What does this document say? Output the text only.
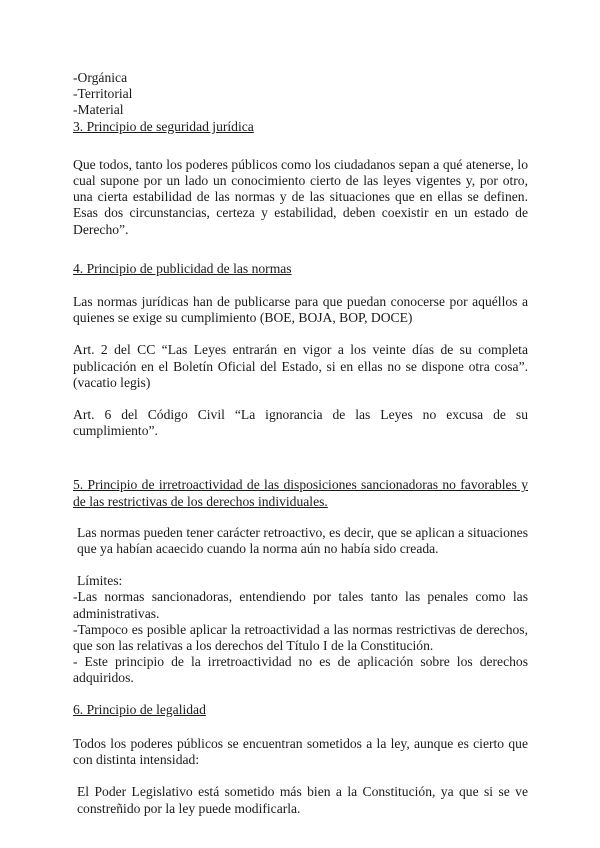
-Orgánica

-Territorial

-Material

3. Principio de seguridad jurídica

Que todos, tanto los poderes públicos como los ciudadanos sepan a qué atenerse, lo cual supone por un lado un conocimiento cierto de las leyes vigentes y, por otro, una cierta estabilidad de las normas y de las situaciones que en ellas se definen. Esas dos circunstancias, certeza y estabilidad, deben coexistir en un estado de Derecho”.

4. Principio de publicidad de las normas

Las normas jurídicas han de publicarse para que puedan conocerse por aquéllos a quienes se exige su cumplimiento (BOE, BOJA, BOP, DOCE)

Art. 2 del CC “Las Leyes entrarán en vigor a los veinte días de su completa publicación en el Boletín Oficial del Estado, si en ellas no se dispone otra cosa”. (vacatio legis)

Art. 6 del Código Civil “La ignorancia de las Leyes no excusa de su cumplimiento”.

5. Principio de irretroactividad de las disposiciones sancionadoras no favorables y de las restrictivas de los derechos individuales.

Las normas pueden tener carácter retroactivo, es decir, que se aplican a situaciones que ya habían acaecido cuando la norma aún no había sido creada.

Límites:

-Las normas sancionadoras, entendiendo por tales tanto las penales como las administrativas.

-Tampoco es posible aplicar la retroactividad a las normas restrictivas de derechos, que son las relativas a los derechos del Título I de la Constitución.

- Este principio de la irretroactividad no es de aplicación sobre los derechos adquiridos.

6. Principio de legalidad

Todos los poderes públicos se encuentran sometidos a la ley, aunque es cierto que con distinta intensidad:

El Poder Legislativo está sometido más bien a la Constitución, ya que si se ve constreñido por la ley puede modificarla.
